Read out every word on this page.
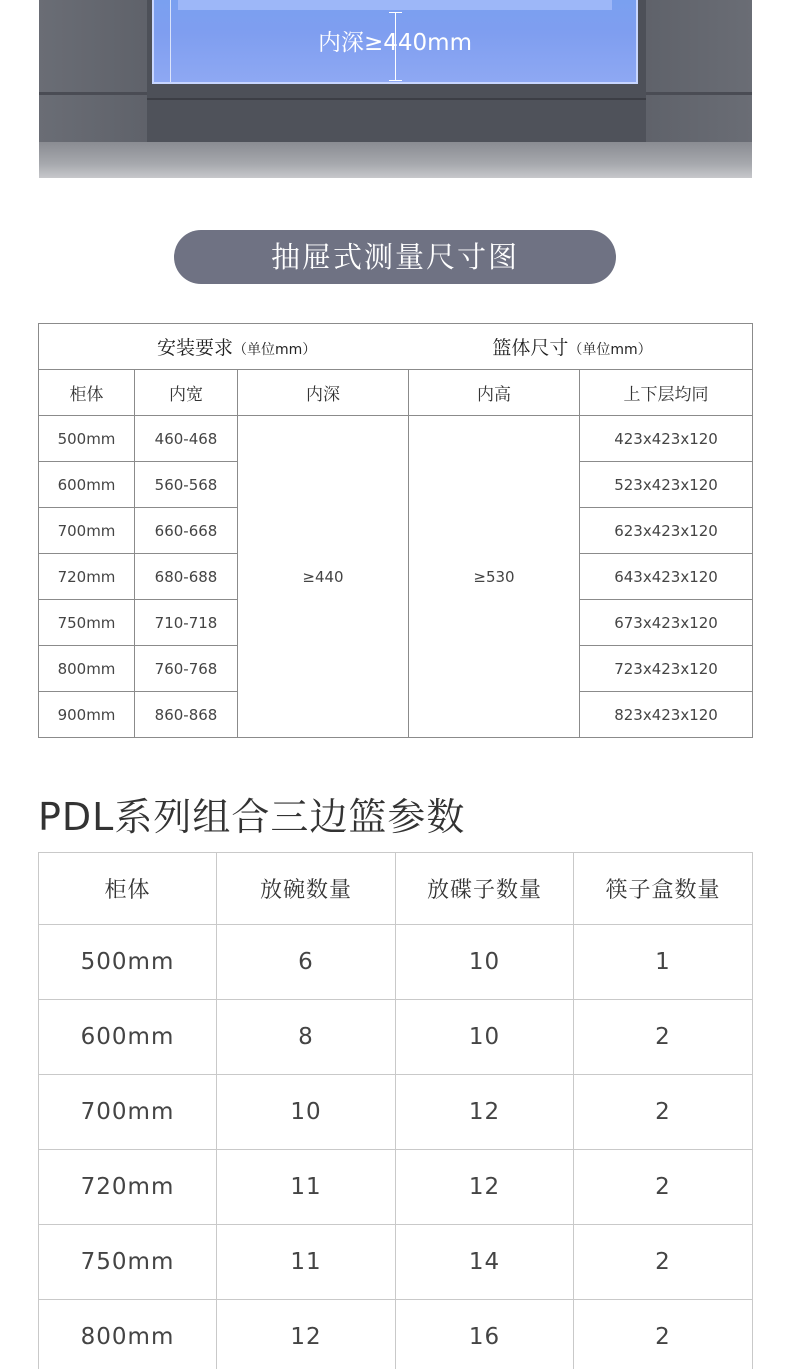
内深≥440mm
抽屉式测量尺寸图
安装要求（单位mm） 篮体尺寸（单位mm）				
柜体	内宽	内深	内高	上下层均同
500mm	460-468	≥440	≥530	423x423x120
600mm	560-568			523x423x120
700mm	660-668			623x423x120
720mm	680-688			643x423x120
750mm	710-718			673x423x120
800mm	760-768			723x423x120
900mm	860-868			823x423x120
PDL系列组合三边篮参数
柜体	放碗数量	放碟子数量	筷子盒数量
500mm	6	10	1
600mm	8	10	2
700mm	10	12	2
720mm	11	12	2
750mm	11	14	2
800mm	12	16	2
